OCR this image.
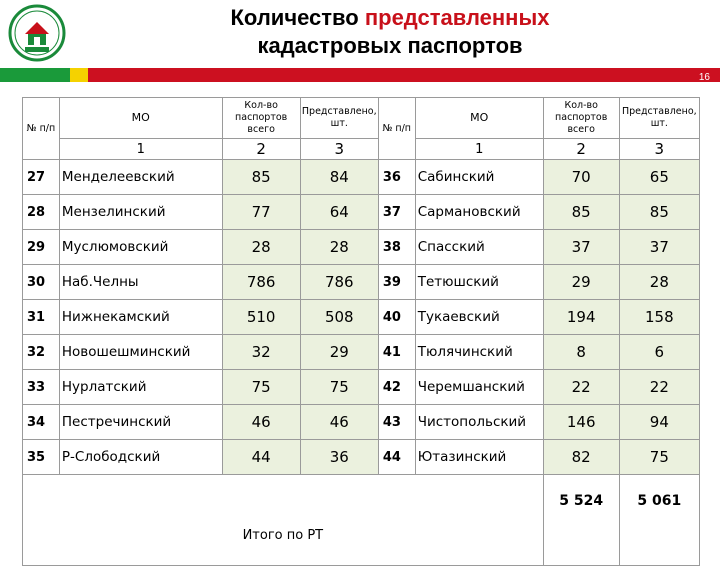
Количество представленных
кадастровых паспортов
16
№ п/п	МО	Кол-во паспортов всего	Представлено, шт.	№ п/п	МО	Кол-во паспортов всего	Представлено, шт.
	1	2	3		1	2	3
27	Менделеевский	85	84	36	Сабинский	70	65
28	Мензелинский	77	64	37	Сармановский	85	85
29	Муслюмовский	28	28	38	Спасский	37	37
30	Наб.Челны	786	786	39	Тетюшский	29	28
31	Нижнекамский	510	508	40	Тукаевский	194	158
32	Новошешминский	32	29	41	Тюлячинский	8	6
33	Нурлатский	75	75	42	Черемшанский	22	22
34	Пестречинский	46	46	43	Чистопольский	146	94
35	Р-Слободский	44	36	44	Ютазинский	82	75
Итого по РТ						5 524	5 061
